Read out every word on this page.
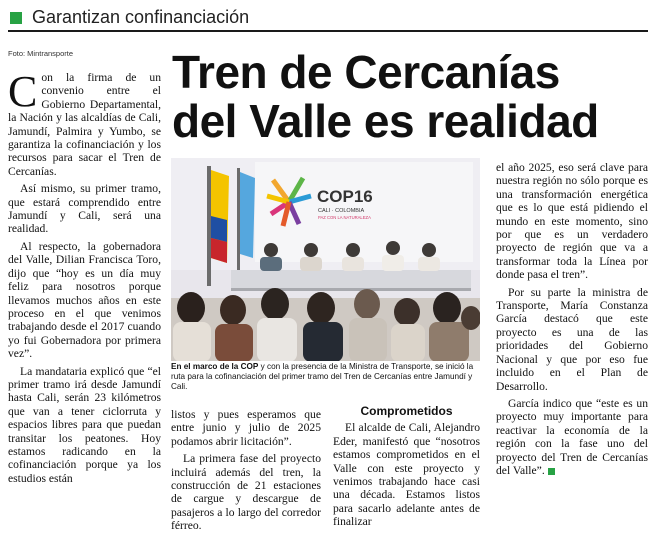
Garantizan confinanciación
Foto: Mintransporte Tren de Cercanías
del Valle es realidad

Con la firma de un convenio entre el Gobierno Departamental, la Nación y las alcaldías de Cali, Jamundí, Palmira y Yumbo, se garantiza la cofinanciación y los recursos para sacar el Tren de Cercanías.

Así mismo, su primer tramo, que estará comprendido entre Jamundí y Cali, será una realidad.

Al respecto, la gobernadora del Valle, Dilian Francisca Toro, dijo que “hoy es un día muy feliz para nosotros porque llevamos muchos años en este proceso en el que venimos trabajando desde el 2017 cuando yo fui Gobernadora por primera vez”.

La mandataria explicó que “el primer tramo irá desde Jamundí hasta Cali, serán 23 kilómetros que van a tener ciclorruta y espacios libres para que puedan transitar los peatones. Hoy estamos radicando en la cofinanciación porque ya los estudios están

COP16
CALI · COLOMBIA
PAZ CON LA NATURALEZA
En el marco de la COP y con la presencia de la Ministra de Transporte, se inició la ruta para la cofinanciación del primer tramo del Tren de Cercanías entre Jamundí y Cali.

listos y pues esperamos que entre junio y julio de 2025 podamos abrir licitación”.

La primera fase del proyecto incluirá además del tren, la construcción de 21 estaciones de cargue y descargue de pasajeros a lo largo del corredor férreo.

Comprometidos

El alcalde de Cali, Alejandro Eder, manifestó que “nosotros estamos comprometidos en el Valle con este proyecto y venimos trabajando hace casi una década. Estamos listos para sacarlo adelante antes de finalizar

el año 2025, eso será clave para nuestra región no sólo porque es una transformación energética que es lo que está pidiendo el mundo en este momento, sino por que es un verdadero proyecto de región que va a transformar toda la Línea por donde pasa el tren”.

Por su parte la ministra de Transporte, María Constanza García destacó que este proyecto es una de las prioridades del Gobierno Nacional y que por eso fue incluido en el Plan de Desarrollo.

García indico que “este es un proyecto muy importante para reactivar la economía de la región con la fase uno del proyecto del Tren de Cercanías del Valle”.
